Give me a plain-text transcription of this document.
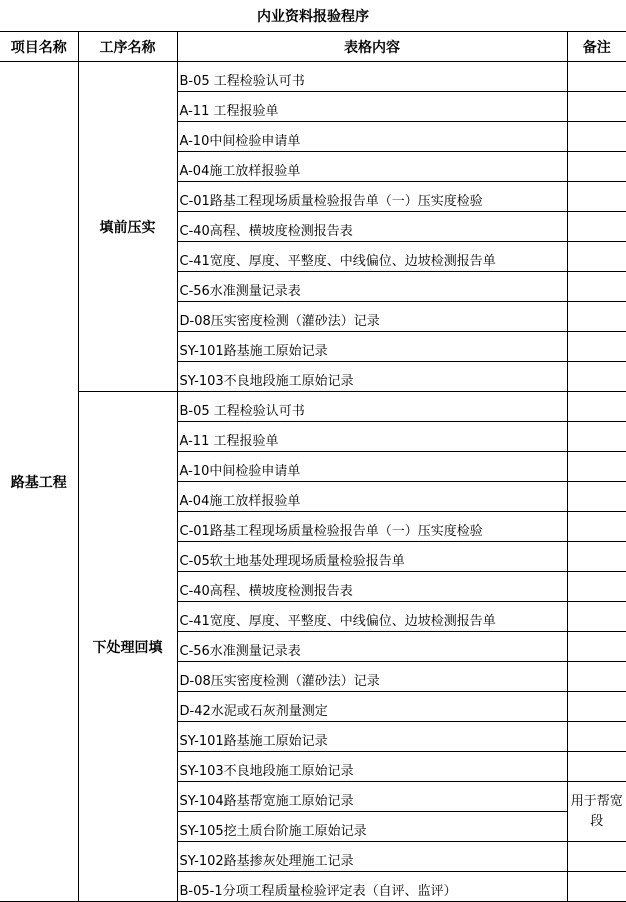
内业资料报验程序
项目名称	工序名称	表格内容	备注
路基工程	填前压实	B-05 工程检验认可书	
		A-11 工程报验单	
		A-10中间检验申请单	
		A-04施工放样报验单	
		C-01路基工程现场质量检验报告单（一）压实度检验	
		C-40高程、横坡度检测报告表	
		C-41宽度、厚度、平整度、中线偏位、边坡检测报告单	
		C-56水准测量记录表	
		D-08压实密度检测（灌砂法）记录	
		SY-101路基施工原始记录	
		SY-103不良地段施工原始记录	
	下处理回填	B-05 工程检验认可书	
		A-11 工程报验单	
		A-10中间检验申请单	
		A-04施工放样报验单	
		C-01路基工程现场质量检验报告单（一）压实度检验	
		C-05软土地基处理现场质量检验报告单	
		C-40高程、横坡度检测报告表	
		C-41宽度、厚度、平整度、中线偏位、边坡检测报告单	
		C-56水准测量记录表	
		D-08压实密度检测（灌砂法）记录	
		D-42水泥或石灰剂量测定	
		SY-101路基施工原始记录	
		SY-103不良地段施工原始记录	
		SY-104路基帮宽施工原始记录	用于帮宽段
		SY-105挖土质台阶施工原始记录	
		SY-102路基掺灰处理施工记录	
		B-05-1分项工程质量检验评定表（自评、监评）	
